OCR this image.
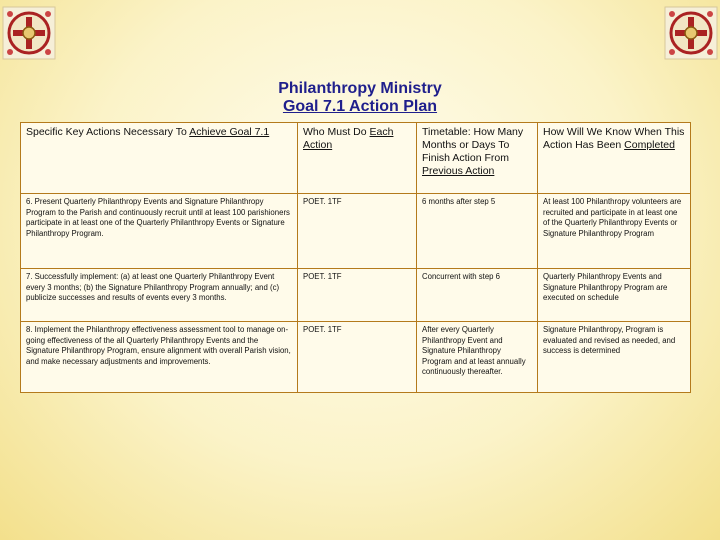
Philanthropy Ministry
Goal 7.1 Action Plan
Specific Key Actions Necessary To Achieve Goal 7.1	Who Must Do Each Action	Timetable: How Many Months or Days To Finish Action From Previous Action	How Will We Know When This Action Has Been Completed
6. Present Quarterly Philanthropy Events and Signature Philanthropy Program to the Parish and continuously recruit until at least 100 parishioners participate in at least one of the Quarterly Philanthropy Events or Signature Philanthropy Program.	POET. 1TF	6 months after step 5	At least 100 Philanthropy volunteers are recruited and participate in at least one of the Quarterly Philanthropy Events or Signature Philanthropy Program
7. Successfully implement: (a) at least one Quarterly Philanthropy Event every 3 months; (b) the Signature Philanthropy Program annually; and (c) publicize successes and results of events every 3 months.	POET. 1TF	Concurrent with step 6	Quarterly Philanthropy Events and Signature Philanthropy Program are executed on schedule
8. Implement the Philanthropy effectiveness assessment tool to manage on-going effectiveness of the all Quarterly Philanthropy Events and the Signature Philanthropy Program, ensure alignment with overall Parish vision, and make necessary adjustments and improvements.	POET. 1TF	After every Quarterly Philanthropy Event and Signature Philanthropy Program and at least annually continuously thereafter.	Signature Philanthropy, Program is evaluated and revised as needed, and success is determined
